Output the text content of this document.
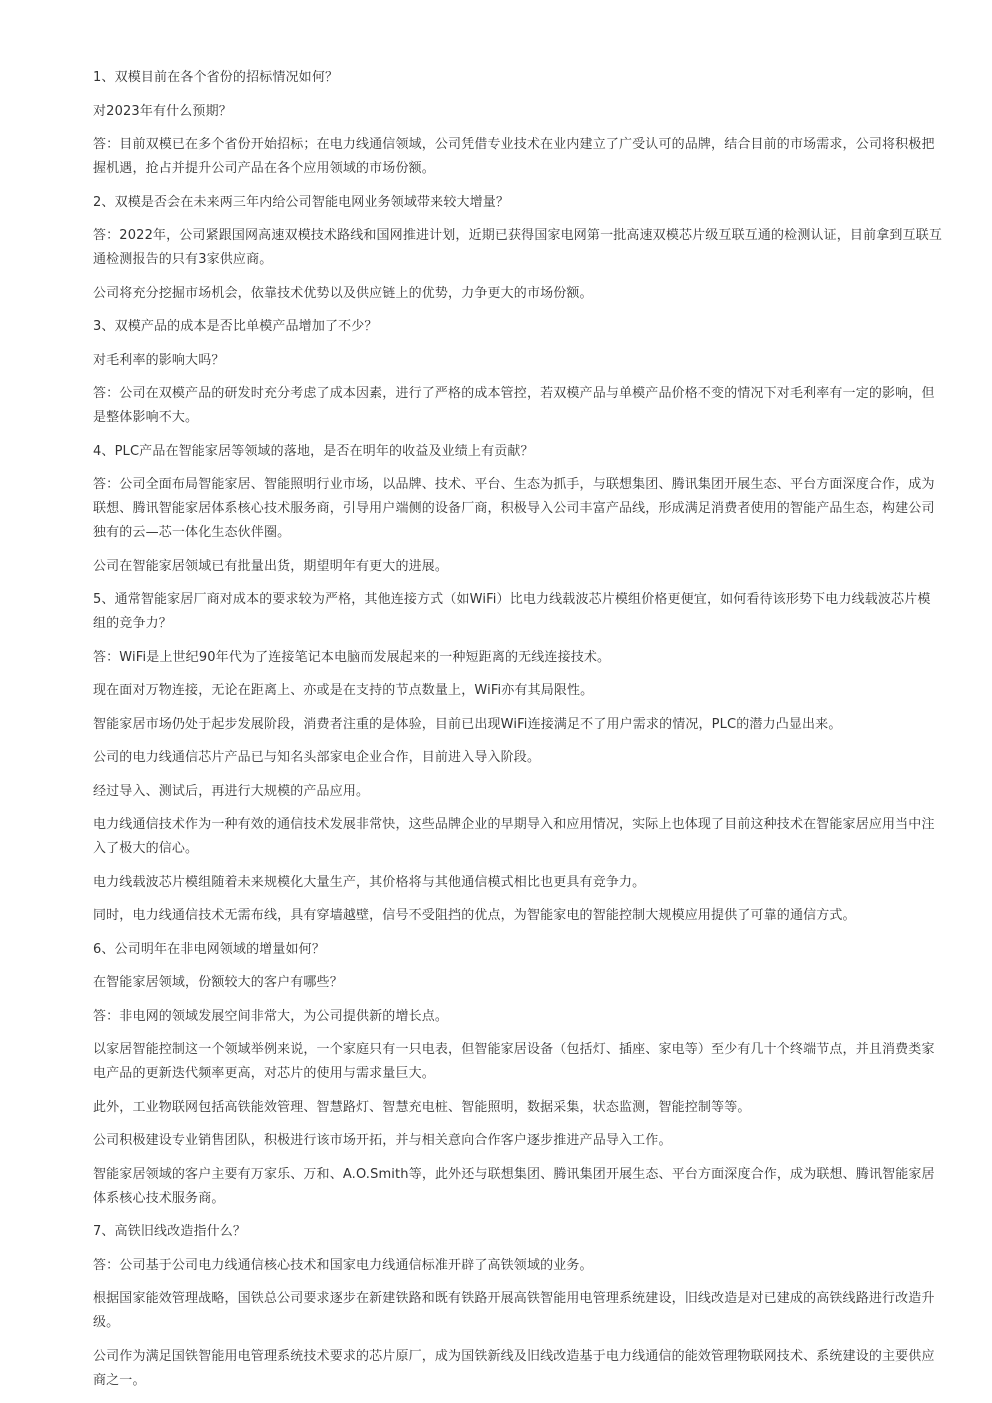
1、双模目前在各个省份的招标情况如何？

对2023年有什么预期？

答：目前双模已在多个省份开始招标；在电力线通信领域，公司凭借专业技术在业内建立了广受认可的品牌，结合目前的市场需求，公司将积极把握机遇，抢占并提升公司产品在各个应用领域的市场份额。

2、双模是否会在未来两三年内给公司智能电网业务领域带来较大增量？

答：2022年，公司紧跟国网高速双模技术路线和国网推进计划，近期已获得国家电网第一批高速双模芯片级互联互通的检测认证，目前拿到互联互通检测报告的只有3家供应商。

公司将充分挖掘市场机会，依靠技术优势以及供应链上的优势，力争更大的市场份额。

3、双模产品的成本是否比单模产品增加了不少？

对毛利率的影响大吗？

答：公司在双模产品的研发时充分考虑了成本因素，进行了严格的成本管控，若双模产品与单模产品价格不变的情况下对毛利率有一定的影响，但是整体影响不大。

4、PLC产品在智能家居等领域的落地，是否在明年的收益及业绩上有贡献？

答：公司全面布局智能家居、智能照明行业市场，以品牌、技术、平台、生态为抓手，与联想集团、腾讯集团开展生态、平台方面深度合作，成为联想、腾讯智能家居体系核心技术服务商，引导用户端侧的设备厂商，积极导入公司丰富产品线，形成满足消费者使用的智能产品生态，构建公司独有的云—芯一体化生态伙伴圈。

公司在智能家居领域已有批量出货，期望明年有更大的进展。

5、通常智能家居厂商对成本的要求较为严格，其他连接方式（如WiFi）比电力线载波芯片模组价格更便宜，如何看待该形势下电力线载波芯片模组的竞争力？

答：WiFi是上世纪90年代为了连接笔记本电脑而发展起来的一种短距离的无线连接技术。

现在面对万物连接，无论在距离上、亦或是在支持的节点数量上，WiFi亦有其局限性。

智能家居市场仍处于起步发展阶段，消费者注重的是体验，目前已出现WiFi连接满足不了用户需求的情况，PLC的潜力凸显出来。

公司的电力线通信芯片产品已与知名头部家电企业合作，目前进入导入阶段。

经过导入、测试后，再进行大规模的产品应用。

电力线通信技术作为一种有效的通信技术发展非常快，这些品牌企业的早期导入和应用情况，实际上也体现了目前这种技术在智能家居应用当中注入了极大的信心。

电力线载波芯片模组随着未来规模化大量生产，其价格将与其他通信模式相比也更具有竞争力。

同时，电力线通信技术无需布线，具有穿墙越壁，信号不受阻挡的优点，为智能家电的智能控制大规模应用提供了可靠的通信方式。

6、公司明年在非电网领域的增量如何？

在智能家居领域，份额较大的客户有哪些？

答：非电网的领域发展空间非常大，为公司提供新的增长点。

以家居智能控制这一个领域举例来说，一个家庭只有一只电表，但智能家居设备（包括灯、插座、家电等）至少有几十个终端节点，并且消费类家电产品的更新迭代频率更高，对芯片的使用与需求量巨大。

此外，工业物联网包括高铁能效管理、智慧路灯、智慧充电桩、智能照明，数据采集，状态监测，智能控制等等。

公司积极建设专业销售团队，积极进行该市场开拓，并与相关意向合作客户逐步推进产品导入工作。

智能家居领域的客户主要有万家乐、万和、A.O.Smith等，此外还与联想集团、腾讯集团开展生态、平台方面深度合作，成为联想、腾讯智能家居体系核心技术服务商。

7、高铁旧线改造指什么？

答：公司基于公司电力线通信核心技术和国家电力线通信标准开辟了高铁领域的业务。

根据国家能效管理战略，国铁总公司要求逐步在新建铁路和既有铁路开展高铁智能用电管理系统建设，旧线改造是对已建成的高铁线路进行改造升级。

公司作为满足国铁智能用电管理系统技术要求的芯片原厂，成为国铁新线及旧线改造基于电力线通信的能效管理物联网技术、系统建设的主要供应商之一。
